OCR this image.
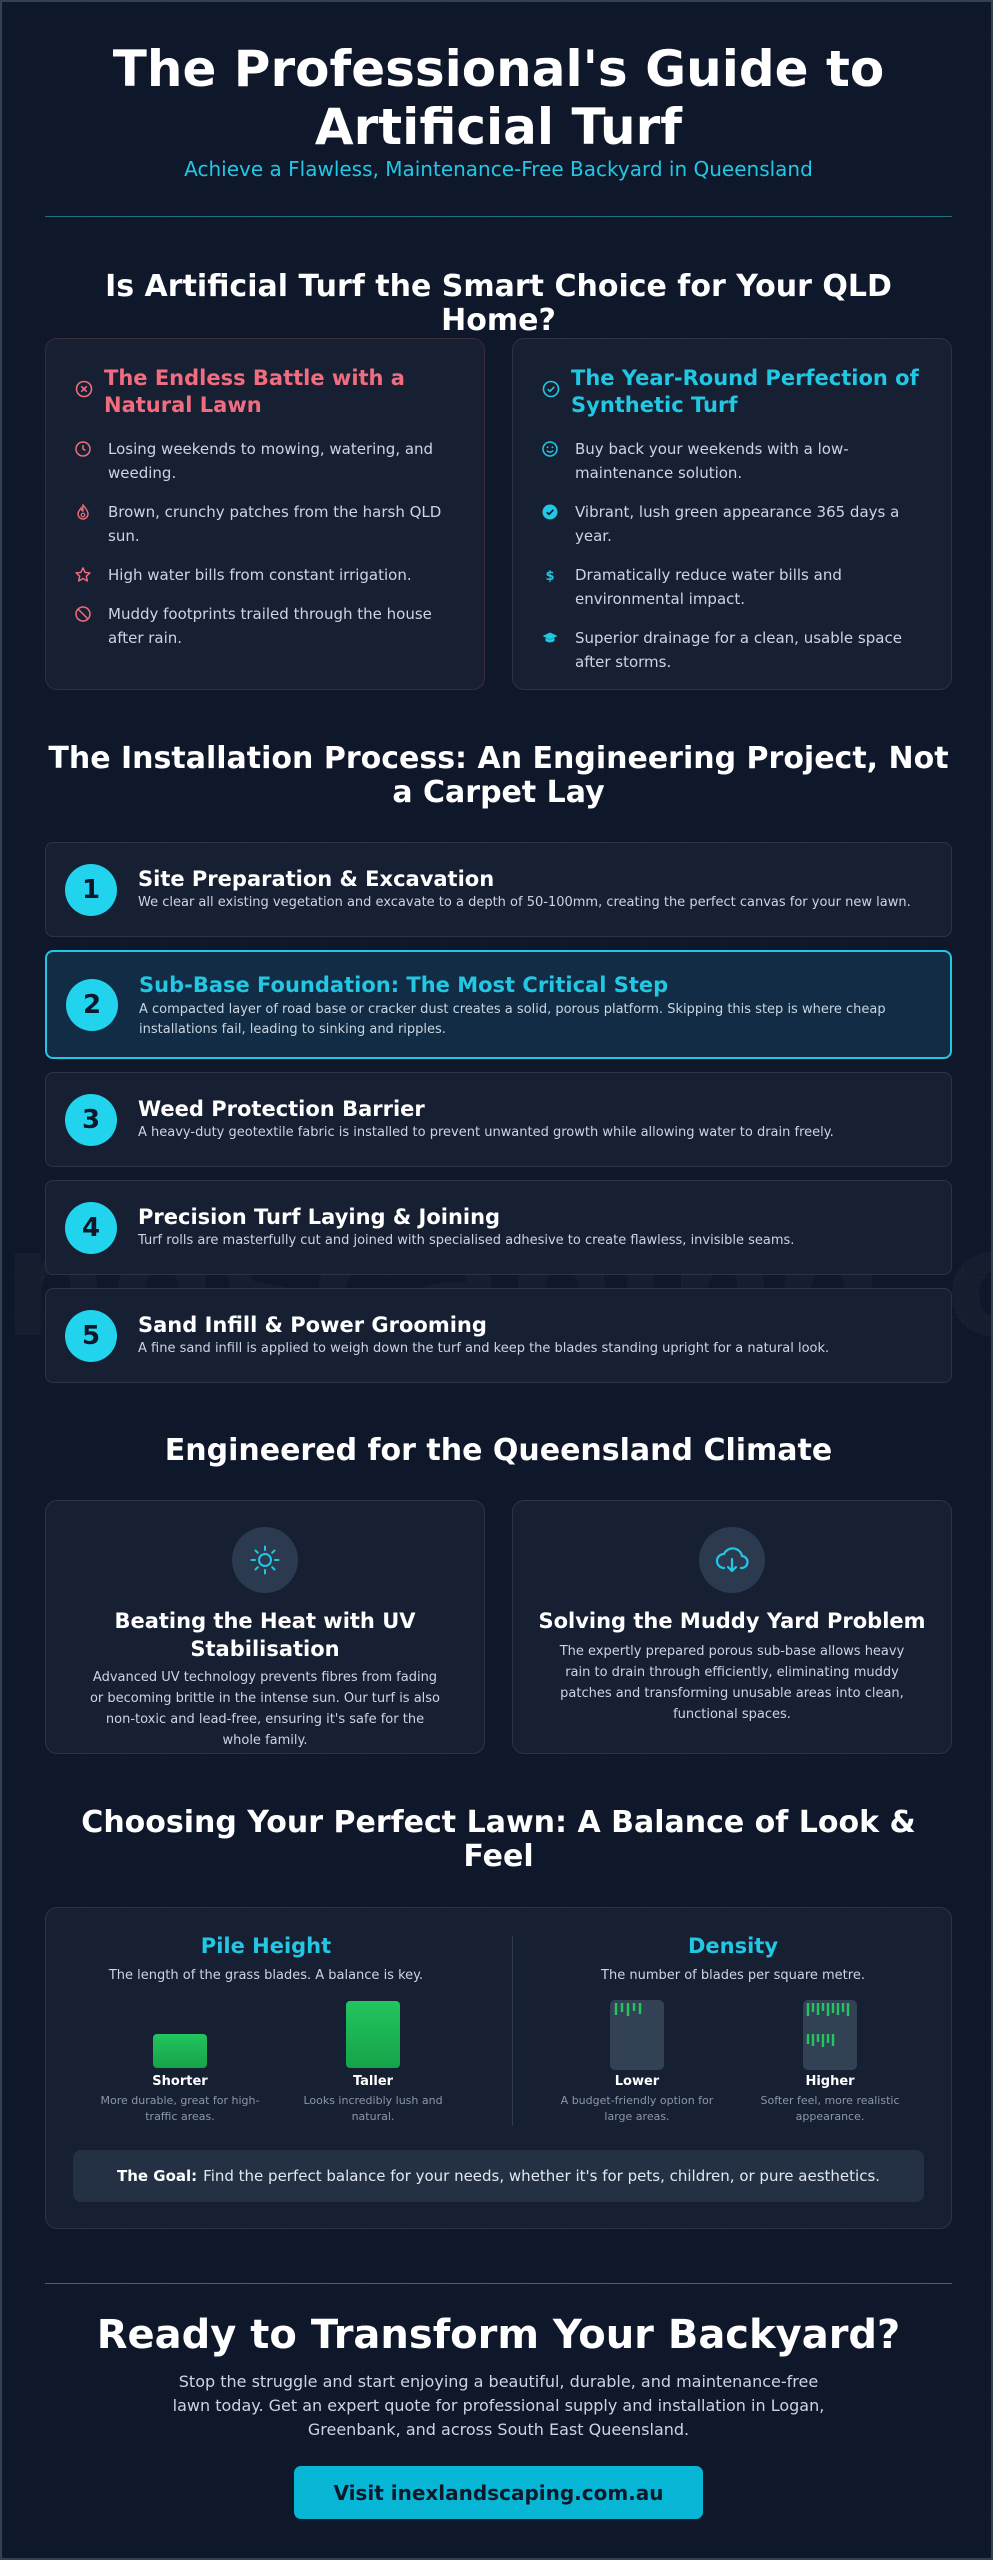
The Professional's Guide to Artificial Turf
Achieve a Flawless, Maintenance-Free Backyard in Queensland
Is Artificial Turf the Smart Choice for Your QLD Home?
The Endless Battle with a Natural Lawn
Losing weekends to mowing, watering, and weeding.
Brown, crunchy patches from the harsh QLD sun.
High water bills from constant irrigation.
Muddy footprints trailed through the house after rain.
The Year-Round Perfection of Synthetic Turf
Buy back your weekends with a low-maintenance solution.
Vibrant, lush green appearance 365 days a year.
$ Dramatically reduce water bills and environmental impact.
Superior drainage for a clean, usable space after storms.
The Installation Process: An Engineering Project, Not a Carpet Lay
1	Site Preparation & Excavation
We clear all existing vegetation and excavate to a depth of 50-100mm, creating the perfect canvas for your new lawn.
2
Sub-Base Foundation: The Most Critical Step
A compacted layer of road base or cracker dust creates a solid, porous platform. Skipping this step is where cheap installations fail, leading to sinking and ripples.
3	Weed Protection Barrier
A heavy-duty geotextile fabric is installed to prevent unwanted growth while allowing water to drain freely.
4	Precision Turf Laying & Joining
Turf rolls are masterfully cut and joined with specialised adhesive to create flawless, invisible seams.
5	Sand Infill & Power Grooming
A fine sand infill is applied to weigh down the turf and keep the blades standing upright for a natural look.
Engineered for the Queensland Climate
Beating the Heat with UV Stabilisation
Advanced UV technology prevents fibres from fading or becoming brittle in the intense sun. Our turf is also non-toxic and lead-free, ensuring it's safe for the whole family.
Solving the Muddy Yard Problem
The expertly prepared porous sub-base allows heavy rain to drain through efficiently, eliminating muddy patches and transforming unusable areas into clean, functional spaces.
Choosing Your Perfect Lawn: A Balance of Look & Feel
Pile Height
The length of the grass blades. A balance is key.
Shorter
More durable, great for high-traffic areas.
Taller
Looks incredibly lush and natural.
Density
The number of blades per square metre.
Lower
A budget-friendly option for large areas.
Higher
Softer feel, more realistic appearance.
The Goal: Find the perfect balance for your needs, whether it's for pets, children, or pure aesthetics.
Ready to Transform Your Backyard?
Stop the struggle and start enjoying a beautiful, durable, and maintenance-free lawn today. Get an expert quote for professional supply and installation in Logan, Greenbank, and across South East Queensland.
Visit inexlandscaping.com.au
